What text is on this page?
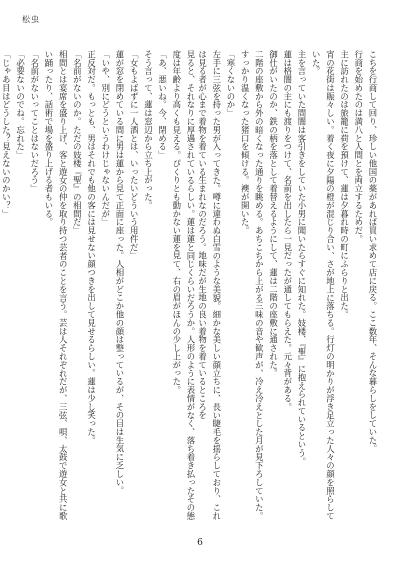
松虫

こちを行商して回り、珍しい他国の薬があれば買い求めて店に戻る。ここ数年、そんな暮らしをしていた。

行商を始めたのは満八と人間とを両立するためだ。

主に訪れたのは旅籠に荷を預けて、蓮は夕暮れ時の町にふらりと出た。

宵の花街は賑々しい。着く夜に夕陽の橙が混じり合い、さが地上に落ちる。行灯の明かりが浮き足立った人々の顔を照らしていた。

主を言っていた間闇は客引きをしていた小男に聞いたらすぐに知れた。妓楼、『聖』に抱えられているという。

蓮は格闇の主にも渡りをつけて、名前を出したら一見だったが通してもらえた。元々背がある。

御仕がいたのか、鉄の柄を落として着替えるようにして、蓮は二階の座敷に通された。

二階の座敷から外の暗くなった通りを眺める。あちこちから上がる三味の音や歓声が、冷え冷えとした月が見下ろしていた。すっかり温くなった猪口を傾ける。襖が開いた。

「寒くないのか」

左手に三弦を持った男が入ってきた。噂に違わぬ白雪のような美貌。細かな美しい顔立ちに、長い睫毛を揺らしており、これは見る者が心まで着物を着ている生まれなのだろう。地味だが生地の良い着物を着ているところを

見ると、それなりに厚遇されているらしい。蓮は蓮と同じくらいだろうか。人形のように表情がなく、落ち着き払ったその態度は年齢より高くも見える。ぴくりとも動かない蓮を見て、右の眉がほんの少し上がった。

「あ、悪いね。今、閉める」

そう言って、蓮は窓辺から立ち上がった。

「女もよばずに一人酒とは、いったいどういう用件だ」

蓮が窓を閉めている間に男は蓮から見て正面に座った。人相がどこか他の顔は整っているが、その目は生気に乏しい。

「いや、別にどうというわけじゃないんだが」

正反対だ。もっとも、男はそれでも他の客には見せない顔つきを出して見せるらしい。蓮は少し笑った。

「名前がないのか。ただの妓楼『聖』の相間だ」

相間とは宴席を盛り上げ、客と遊女の仲を取り持つ芸者のことを言う。芸は人それぞれだが、三弦、唄、太鼓で遊女と共に歌い踊ったり、話術で場を盛り上げる者もいる。

「名前がないってことはないだろう」

「必要ないのでね。忘れた」

「じゃあ目はどうした？見えないのかい？」

6
